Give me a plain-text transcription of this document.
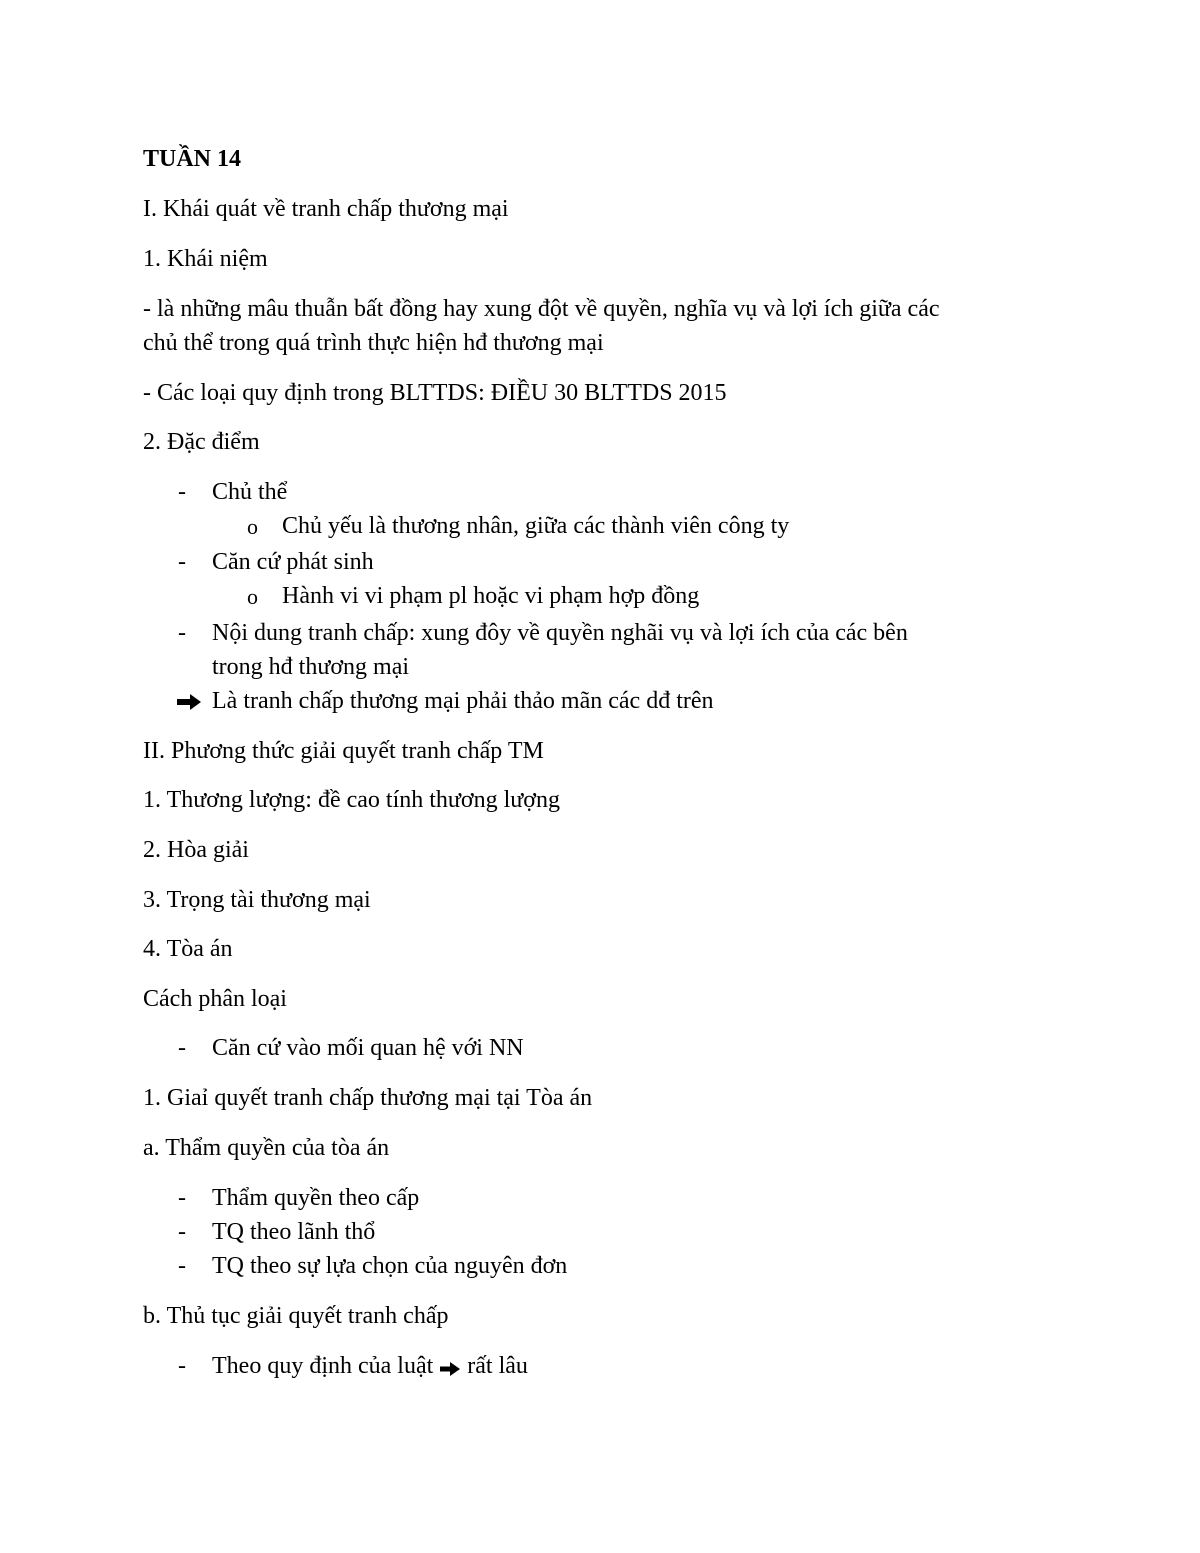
TUẦN 14
I. Khái quát về tranh chấp thương mại
1. Khái niệm
- là những mâu thuẫn bất đồng hay xung đột về quyền, nghĩa vụ và lợi ích giữa các
chủ thể trong quá trình thực hiện hđ thương mại
- Các loại quy định trong BLTTDS: ĐIỀU 30 BLTTDS 2015
2. Đặc điểm
- Chủ thể
o Chủ yếu là thương nhân, giữa các thành viên công ty
- Căn cứ phát sinh
o Hành vi vi phạm pl hoặc vi phạm hợp đồng
- Nội dung tranh chấp: xung đôy về quyền nghãi vụ và lợi ích của các bên
trong hđ thương mại
Là tranh chấp thương mại phải thảo mãn các dđ trên
II. Phương thức giải quyết tranh chấp TM
1. Thương lượng: đề cao tính thương lượng
2. Hòa giải
3. Trọng tài thương mại
4. Tòa án
Cách phân loại
- Căn cứ vào mối quan hệ với NN
1. Giaỉ quyết tranh chấp thương mại tại Tòa án
a. Thẩm quyền của tòa án
- Thẩm quyền theo cấp
- TQ theo lãnh thổ
- TQ theo sự lựa chọn của nguyên đơn
b. Thủ tục giải quyết tranh chấp
- Theo quy định của luật rất lâu
